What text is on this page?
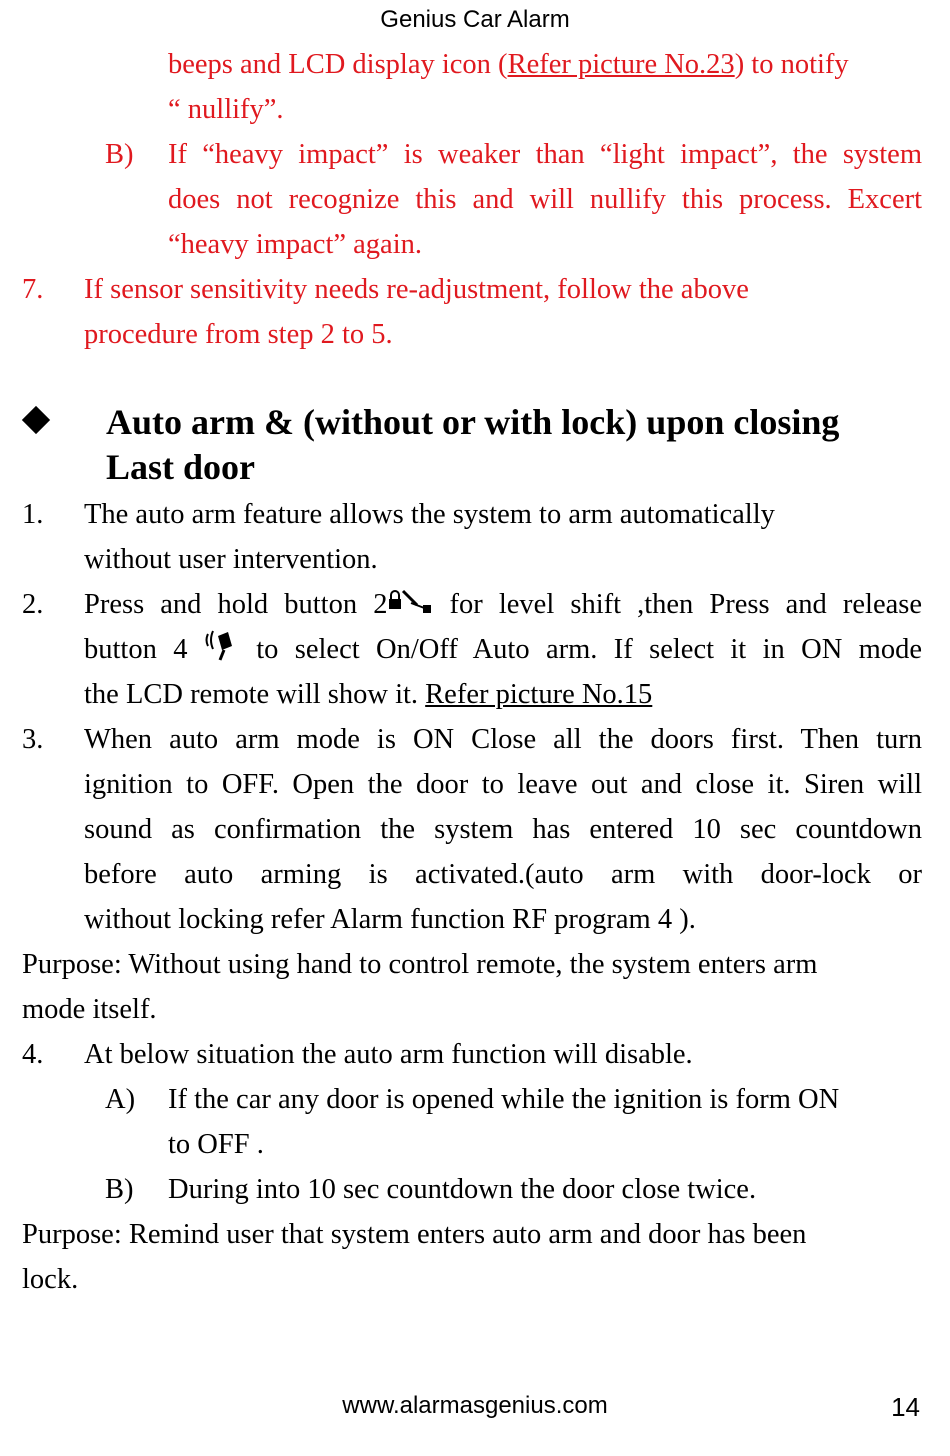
Genius Car Alarm
beeps and LCD display icon (Refer picture No.23) to notify
“ nullify”.
B) If “heavy impact” is weaker than “light impact”, the system
does not recognize this and will nullify this process. Excert
“heavy impact” again.
7. If sensor sensitivity needs re-adjustment, follow the above
procedure from step 2 to 5.
Auto arm & (without or with lock) upon closing
Last door
1. The auto arm feature allows the system to arm automatically
without user intervention.
2. Press and hold button 2 for level shift ,then Press and release
button 4  to select On/Off Auto arm. If select it in ON mode
the LCD remote will show it. Refer picture No.15
3. When auto arm mode is ON Close all the doors first. Then turn
ignition to OFF. Open the door to leave out and close it. Siren will
sound as confirmation the system has entered 10 sec countdown
before auto arming is activated.(auto arm with door-lock or
without locking refer Alarm function RF program 4 ).
Purpose: Without using hand to control remote, the system enters arm
mode itself.
4. At below situation the auto arm function will disable.
A) If the car any door is opened while the ignition is form ON
to OFF .
B) During into 10 sec countdown the door close twice.
Purpose: Remind user that system enters auto arm and door has been
lock.
www.alarmasgenius.com	14
